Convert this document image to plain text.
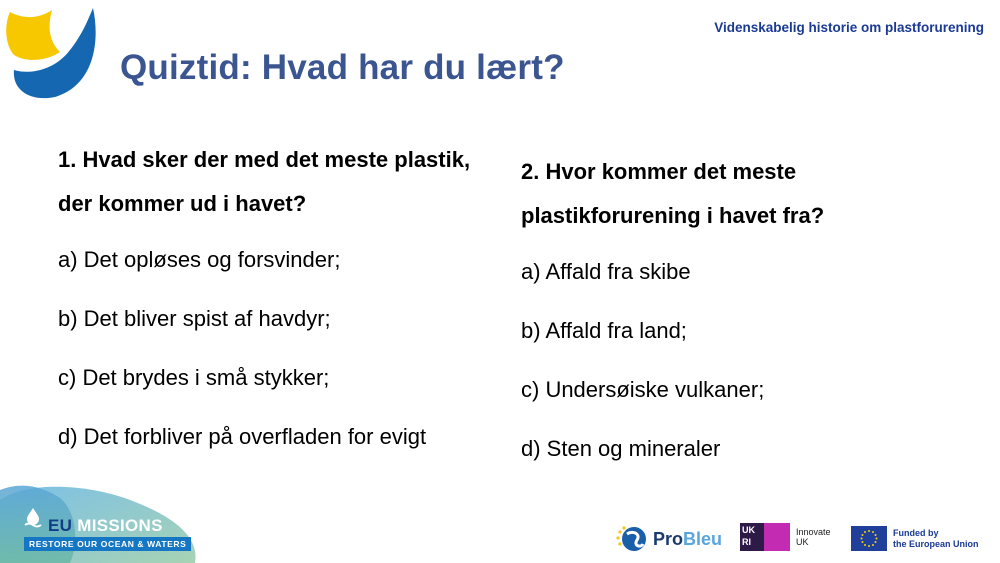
Videnskabelig historie om plastforurening
Quiztid: Hvad har du lært?
1. Hvad sker der med det meste plastik, der kommer ud i havet?
a) Det opløses og forsvinder;
b) Det bliver spist af havdyr;
c) Det brydes i små stykker;
d) Det forbliver på overfladen for evigt
2. Hvor kommer det meste plastikforurening i havet fra?
a) Affald fra skibe
b) Affald fra land;
c) Undersøiske vulkaner;
d) Sten og mineraler
EU MISSIONS
RESTORE OUR OCEAN & WATERS	ProBleu UK RI
Innovate
UK
Funded by
the European Union
